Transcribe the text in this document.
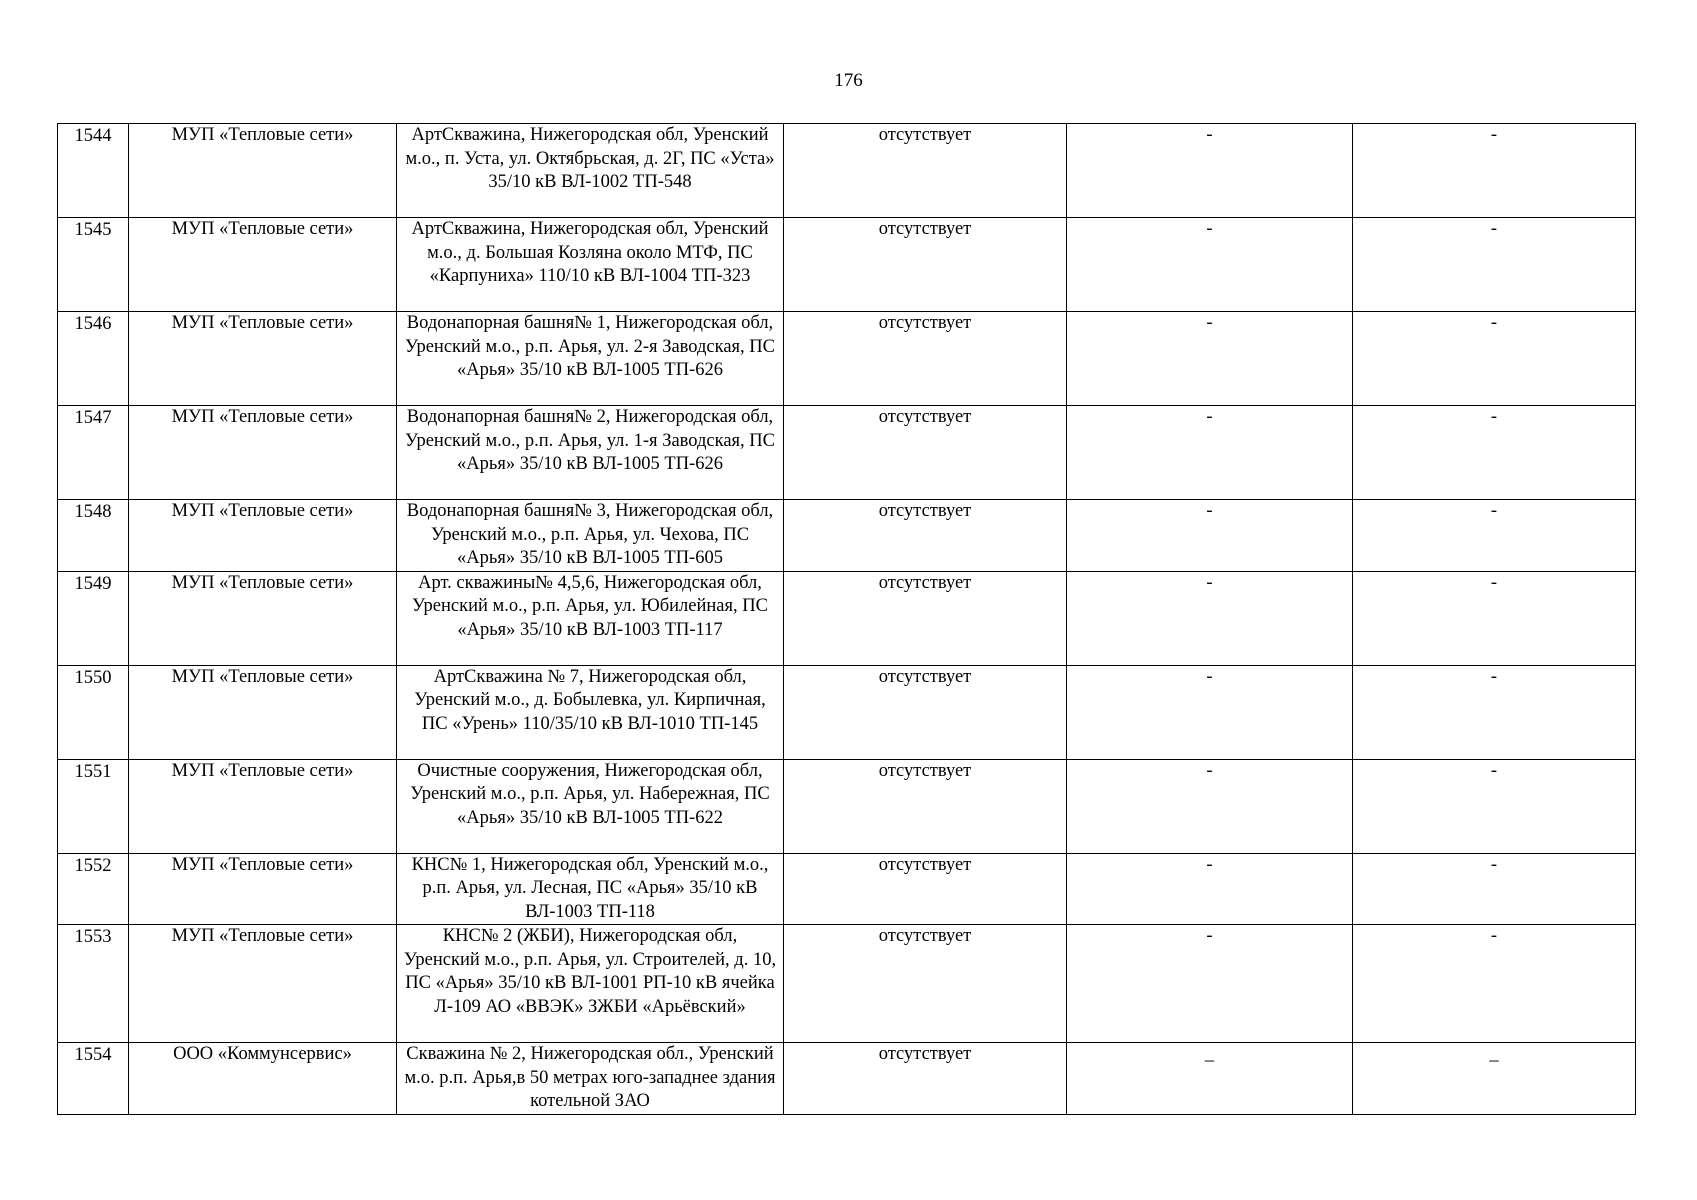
176
1544	МУП «Тепловые сети»	АртСкважина, Нижегородская обл, Уренский м.о., п. Уста, ул. Октябрьская, д. 2Г, ПС «Уста» 35/10 кВ ВЛ-1002 ТП-548	отсутствует	-	-
1545	МУП «Тепловые сети»	АртСкважина, Нижегородская обл, Уренский м.о., д. Большая Козляна около МТФ, ПС «Карпуниха» 110/10 кВ ВЛ-1004 ТП-323	отсутствует	-	-
1546	МУП «Тепловые сети»	Водонапорная башня№ 1, Нижегородская обл, Уренский м.о., р.п. Арья, ул. 2-я Заводская, ПС «Арья» 35/10 кВ ВЛ-1005 ТП-626	отсутствует	-	-
1547	МУП «Тепловые сети»	Водонапорная башня№ 2, Нижегородская обл, Уренский м.о., р.п. Арья, ул. 1-я Заводская, ПС «Арья» 35/10 кВ ВЛ-1005 ТП-626	отсутствует	-	-
1548	МУП «Тепловые сети»	Водонапорная башня№ 3, Нижегородская обл, Уренский м.о., р.п. Арья, ул. Чехова, ПС «Арья» 35/10 кВ ВЛ-1005 ТП-605	отсутствует	-	-
1549	МУП «Тепловые сети»	Арт. скважины№ 4,5,6, Нижегородская обл, Уренский м.о., р.п. Арья, ул. Юбилейная, ПС «Арья» 35/10 кВ ВЛ-1003 ТП-117	отсутствует	-	-
1550	МУП «Тепловые сети»	АртСкважина № 7, Нижегородская обл, Уренский м.о., д. Бобылевка, ул. Кирпичная, ПС «Урень» 110/35/10 кВ ВЛ-1010 ТП-145	отсутствует	-	-
1551	МУП «Тепловые сети»	Очистные сооружения, Нижегородская обл, Уренский м.о., р.п. Арья, ул. Набережная, ПС «Арья» 35/10 кВ ВЛ-1005 ТП-622	отсутствует	-	-
1552	МУП «Тепловые сети»	КНС№ 1, Нижегородская обл, Уренский м.о., р.п. Арья, ул. Лесная, ПС «Арья» 35/10 кВ ВЛ-1003 ТП-118	отсутствует	-	-
1553	МУП «Тепловые сети»	КНС№ 2 (ЖБИ), Нижегородская обл, Уренский м.о., р.п. Арья, ул. Строителей, д. 10, ПС «Арья» 35/10 кВ ВЛ-1001 РП-10 кВ ячейка Л-109 АО «ВВЭК» ЗЖБИ «Арьёвский»	отсутствует	-	-
1554	ООО «Коммунсервис»	Скважина № 2, Нижегородская обл., Уренский м.о. р.п. Арья,в 50 метрах юго-западнее здания котельной ЗАО	отсутствует	_	_
